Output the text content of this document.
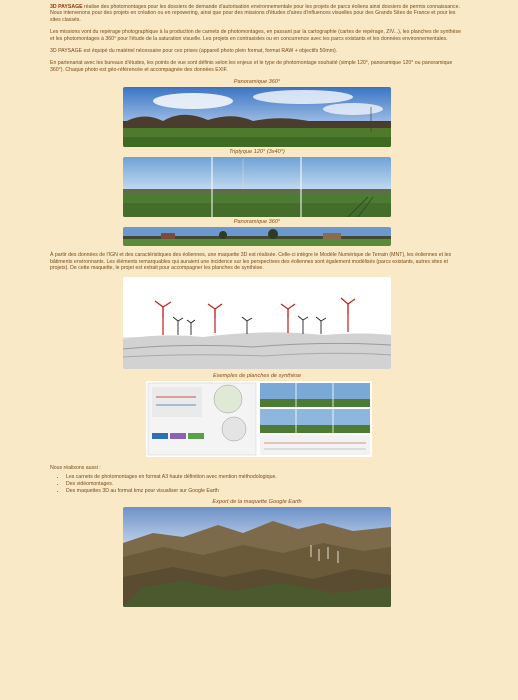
3D PAYSAGE réalise des photomontages pour les dossiers de demande d'autorisation environnementale pour les projets de parcs éoliens ainsi dossiers de permis connaissance. Nous intervenons pour des projets en création ou en repowering, ainsi que pour des missions d'études d'aires d'influences visuelles pour des Grands Sites de France et pour les sites classés.

Les missions vont du repérage photographique à la production de carnets de photomontages, en passant par la cartographie (cartes de repérage, ZIV...), les planches de synthèse et les photomontages à 360° pour l'étude de la saturation visuelle. Les projets en contrasistes ou en concurrence avec les parcs existants et les données environnementales.

3D PAYSAGE est équipé du matériel nécessaire pour ces prises (appareil photo plein format, format RAW + objectifs 50mm).

En partenariat avec les bureaux d'études, les points de vue sont définis selon les enjeux et le type de photomontage souhaité (simple 120°, panoramique 120° ou panoramique 360°). Chaque photo est géo-référencée et accompagnée des données EXIF.

Panoramique 360°
Triptyque 120° (3x40°)
Panoramique 360°

À partir des données de l'IGN et des caractéristiques des éoliennes, une maquette 3D est réalisée. Celle-ci intègre le Modèle Numérique de Terrain (MNT), les éoliennes et les bâtiments environnants. Les éléments remarquables qui auraient une incidence sur les perspectives des éoliennes sont également modélisés (parcs existants, autres sites et projets). De cette maquette, le projet est extrait pour accompagner les planches de synthèse.

Exemples de planches de synthèse

Nous réalisons aussi :

• Les carnets de photomontages en format A3 haute définition avec mention méthodologique.
• Des vidéomontages.
• Des maquettes 3D au format kmz pour visualiser sur Google Earth
Export de la maquette Google Earth
